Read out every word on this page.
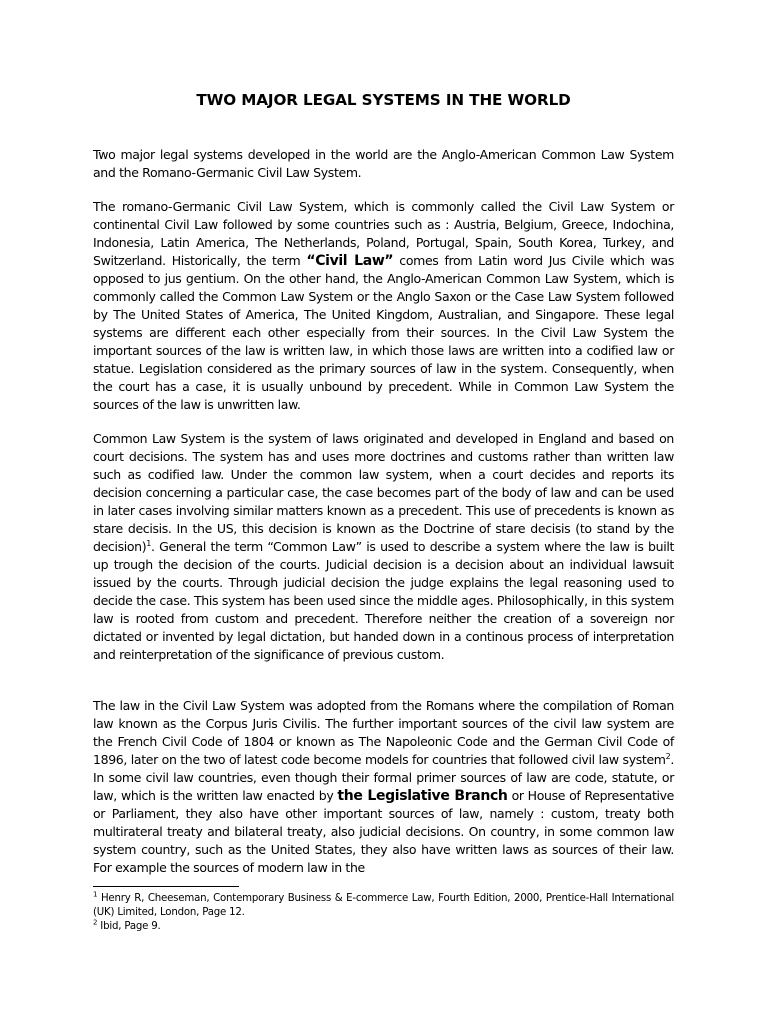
TWO MAJOR LEGAL SYSTEMS IN THE WORLD

Two major legal systems developed in the world are the Anglo-American Common Law System and the Romano-Germanic Civil Law System.

The romano-Germanic Civil Law System, which is commonly called the Civil Law System or continental Civil Law followed by some countries such as : Austria, Belgium, Greece, Indochina, Indonesia, Latin America, The Netherlands, Poland, Portugal, Spain, South Korea, Turkey, and Switzerland. Historically, the term “Civil Law” comes from Latin word Jus Civile which was opposed to jus gentium. On the other hand, the Anglo-American Common Law System, which is commonly called the Common Law System or the Anglo Saxon or the Case Law System followed by The United States of America, The United Kingdom, Australian, and Singapore. These legal systems are different each other especially from their sources. In the Civil Law System the important sources of the law is written law, in which those laws are written into a codified law or statue. Legislation considered as the primary sources of law in the system. Consequently, when the court has a case, it is usually unbound by precedent. While in Common Law System the sources of the law is unwritten law.

Common Law System is the system of laws originated and developed in England and based on court decisions. The system has and uses more doctrines and customs rather than written law such as codified law. Under the common law system, when a court decides and reports its decision concerning a particular case, the case becomes part of the body of law and can be used in later cases involving similar matters known as a precedent. This use of precedents is known as stare decisis. In the US, this decision is known as the Doctrine of stare decisis (to stand by the decision)$^1$. General the term “Common Law” is used to describe a system where the law is built up trough the decision of the courts. Judicial decision is a decision about an individual lawsuit issued by the courts. Through judicial decision the judge explains the legal reasoning used to decide the case. This system has been used since the middle ages. Philosophically, in this system law is rooted from custom and precedent. Therefore neither the creation of a sovereign nor dictated or invented by legal dictation, but handed down in a continous process of interpretation and reinterpretation of the significance of previous custom.

The law in the Civil Law System was adopted from the Romans where the compilation of Roman law known as the Corpus Juris Civilis. The further important sources of the civil law system are the French Civil Code of 1804 or known as The Napoleonic Code and the German Civil Code of 1896, later on the two of latest code become models for countries that followed civil law system$^2$. In some civil law countries, even though their formal primer sources of law are code, statute, or law, which is the written law enacted by the Legislative Branch or House of Representative or Parliament, they also have other important sources of law, namely : custom, treaty both multirateral treaty and bilateral treaty, also judicial decisions. On country, in some common law system country, such as the United States, they also have written laws as sources of their law. For example the sources of modern law in the

$^1$ Henry R, Cheeseman, Contemporary Business & E-commerce Law, Fourth Edition, 2000, Prentice-Hall International (UK) Limited, London, Page 12.

$^2$ Ibid, Page 9.
